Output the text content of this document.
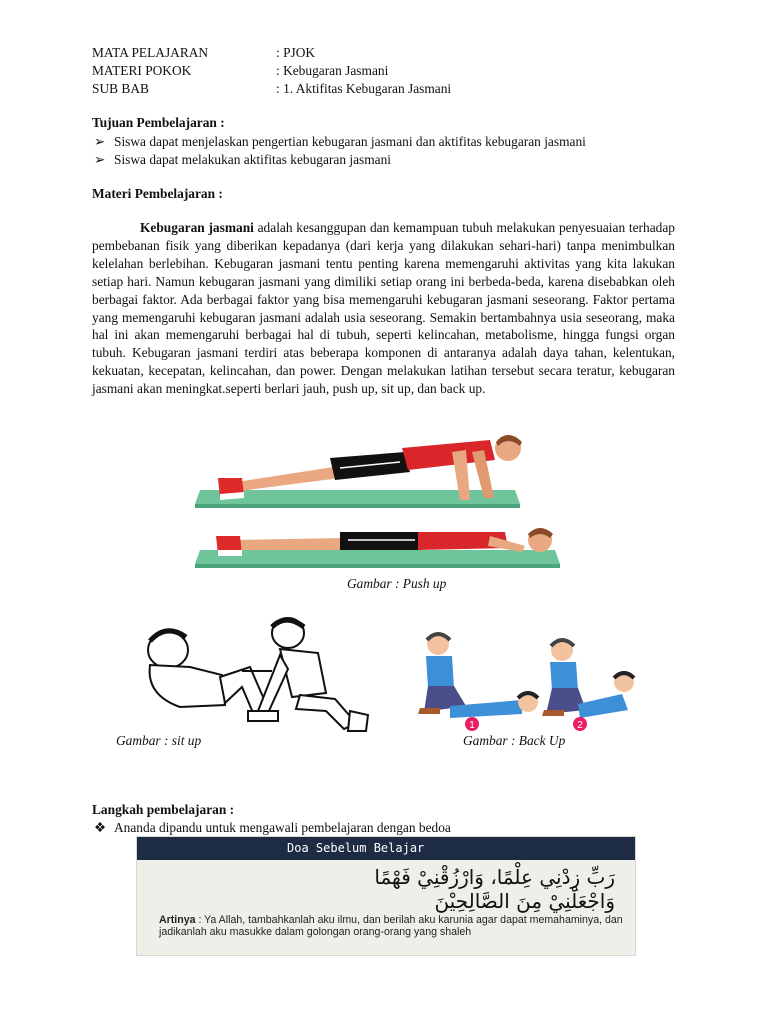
MATA PELAJARAN	: PJOK
MATERI POKOK	: Kebugaran Jasmani
SUB BAB	: 1. Aktifitas Kebugaran Jasmani
Tujuan Pembelajaran :
➢ Siswa dapat menjelaskan pengertian kebugaran jasmani dan aktifitas kebugaran jasmani
➢ Siswa dapat melakukan aktifitas kebugaran jasmani
Materi Pembelajaran :
Kebugaran jasmani adalah kesanggupan dan kemampuan tubuh melakukan penyesuaian terhadap pembebanan fisik yang diberikan kepadanya (dari kerja yang dilakukan sehari-hari) tanpa menimbulkan kelelahan berlebihan. Kebugaran jasmani tentu penting karena memengaruhi aktivitas yang kita lakukan setiap hari. Namun kebugaran jasmani yang dimiliki setiap orang ini berbeda-beda, karena disebabkan oleh berbagai faktor. Ada berbagai faktor yang bisa memengaruhi kebugaran jasmani seseorang. Faktor pertama yang memengaruhi kebugaran jasmani adalah usia seseorang. Semakin bertambahnya usia seseorang, maka hal ini akan memengaruhi berbagai hal di tubuh, seperti kelincahan, metabolisme, hingga fungsi organ tubuh. Kebugaran jasmani terdiri atas beberapa komponen di antaranya adalah daya tahan, kelentukan, kekuatan, kecepatan, kelincahan, dan power. Dengan melakukan latihan tersebut secara teratur, kebugaran jasmani akan meningkat.seperti berlari jauh, push up, sit up, dan back up.
Gambar : Push up
Gambar : sit up
1	2
Gambar : Back Up
Langkah pembelajaran :
❖ Ananda dipandu untuk mengawali pembelajaran dengan bedoa
Doa Sebelum Belajar
رَبِّ زِدْنِي عِلْمًا، وَارْزُقْنِيْ فَهْمًا
وَاجْعَلْنِيْ مِنَ الصَّالِحِيْنَ
Artinya : Ya Allah, tambahkanlah aku ilmu, dan berilah aku karunia agar dapat memahaminya, dan jadikanlah aku masukke dalam golongan orang-orang yang shaleh
